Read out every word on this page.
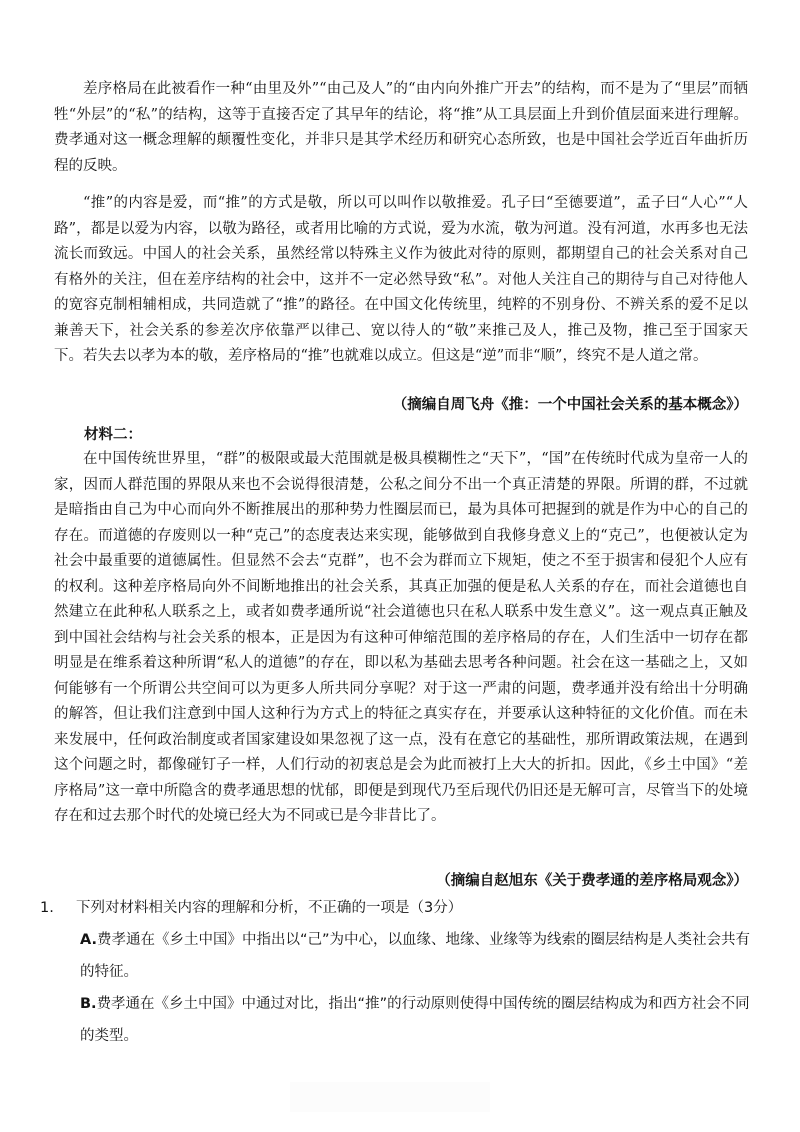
差序格局在此被看作一种“由里及外”“由己及人”的“由内向外推广开去”的结构，而不是为了“里层”而牺牲“外层”的“私”的结构，这等于直接否定了其早年的结论，将“推”从工具层面上升到价值层面来进行理解。费孝通对这一概念理解的颠覆性变化，并非只是其学术经历和研究心态所致，也是中国社会学近百年曲折历程的反映。

“推”的内容是爱，而“推”的方式是敬，所以可以叫作以敬推爱。孔子曰“至德要道”，孟子曰“人心”“人路”，都是以爱为内容，以敬为路径，或者用比喻的方式说，爱为水流，敬为河道。没有河道，水再多也无法流长而致远。中国人的社会关系，虽然经常以特殊主义作为彼此对待的原则，都期望自己的社会关系对自己有格外的关注，但在差序结构的社会中，这并不一定必然导致“私”。对他人关注自己的期待与自己对待他人的宽容克制相辅相成，共同造就了“推”的路径。在中国文化传统里，纯粹的不别身份、不辨关系的爱不足以兼善天下，社会关系的参差次序依靠严以律己、宽以待人的“敬”来推己及人，推己及物，推己至于国家天下。若失去以孝为本的敬，差序格局的“推”也就难以成立。但这是“逆”而非“顺”，终究不是人道之常。

（摘编自周飞舟《推：一个中国社会关系的基本概念》）

材料二：

在中国传统世界里，“群”的极限或最大范围就是极具模糊性之“天下”，“国”在传统时代成为皇帝一人的家，因而人群范围的界限从来也不会说得很清楚，公私之间分不出一个真正清楚的界限。所谓的群，不过就是暗指由自己为中心而向外不断推展出的那种势力性圈层而已，最为具体可把握到的就是作为中心的自己的存在。而道德的存废则以一种“克己”的态度表达来实现，能够做到自我修身意义上的“克己”，也便被认定为社会中最重要的道德属性。但显然不会去“克群”，也不会为群而立下规矩，使之不至于损害和侵犯个人应有的权利。这种差序格局向外不间断地推出的社会关系，其真正加强的便是私人关系的存在，而社会道德也自然建立在此种私人联系之上，或者如费孝通所说“社会道德也只在私人联系中发生意义”。这一观点真正触及到中国社会结构与社会关系的根本，正是因为有这种可伸缩范围的差序格局的存在，人们生活中一切存在都明显是在维系着这种所谓“私人的道德”的存在，即以私为基础去思考各种问题。社会在这一基础之上，又如何能够有一个所谓公共空间可以为更多人所共同分享呢？对于这一严肃的问题，费孝通并没有给出十分明确的解答，但让我们注意到中国人这种行为方式上的特征之真实存在，并要承认这种特征的文化价值。而在未来发展中，任何政治制度或者国家建设如果忽视了这一点，没有在意它的基础性，那所谓政策法规，在遇到这个问题之时，都像碰钉子一样，人们行动的初衷总是会为此而被打上大大的折扣。因此，《乡土中国》“差序格局”这一章中所隐含的费孝通思想的忧郁，即便是到现代乃至后现代仍旧还是无解可言，尽管当下的处境存在和过去那个时代的处境已经大为不同或已是今非昔比了。

（摘编自赵旭东《关于费孝通的差序格局观念》）

1. 下列对材料相关内容的理解和分析，不正确的一项是（3分）

A.费孝通在《乡土中国》中指出以“己”为中心，以血缘、地缘、业缘等为线索的圈层结构是人类社会共有的特征。

B.费孝通在《乡土中国》中通过对比，指出“推”的行动原则使得中国传统的圈层结构成为和西方社会不同的类型。
